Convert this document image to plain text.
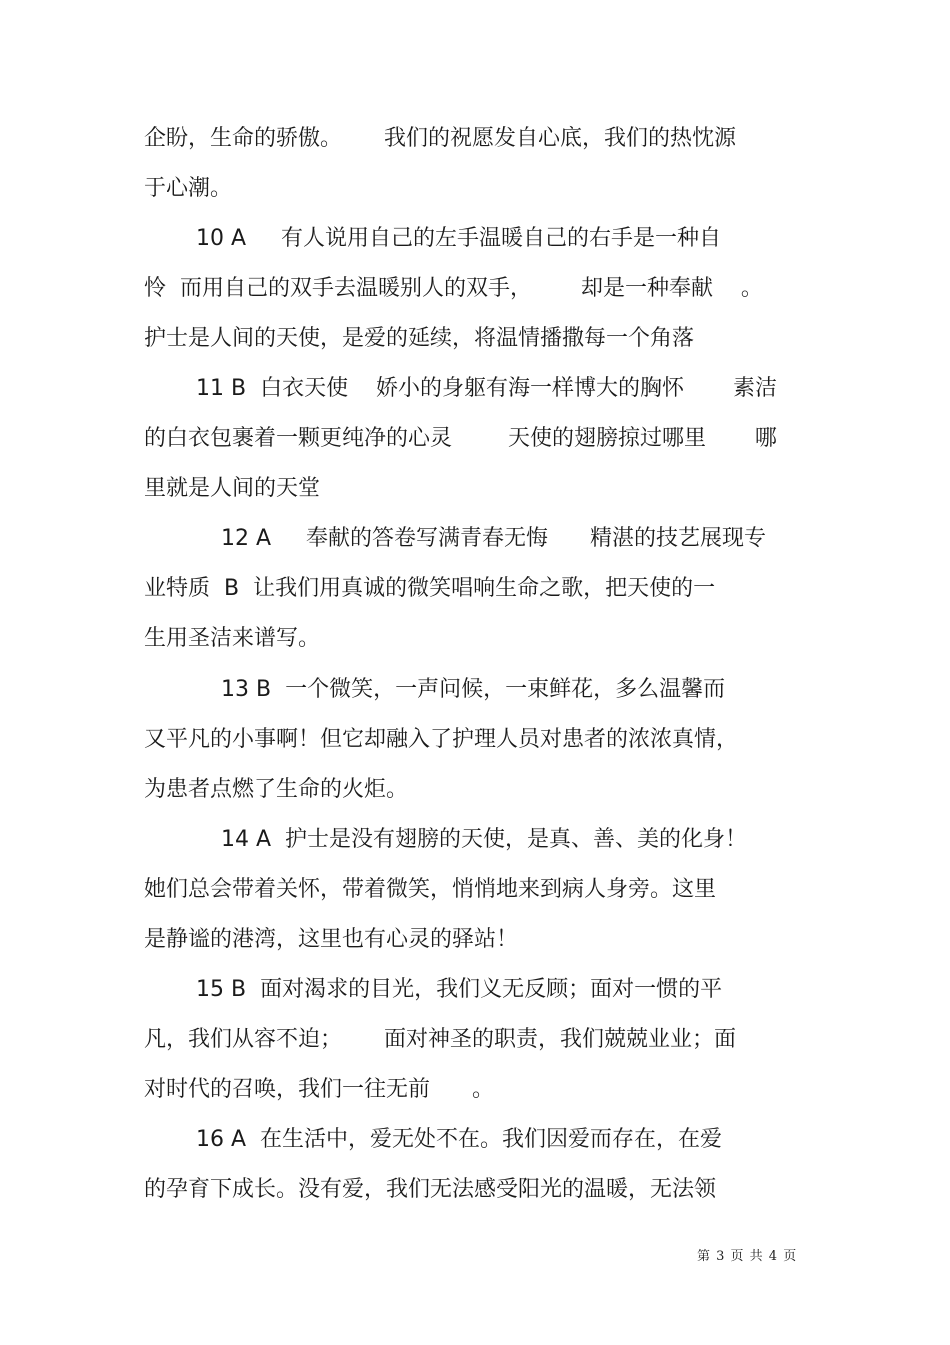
企盼，生命的骄傲。      我们的祝愿发自心底，我们的热忱源

于心潮。

10 A     有人说用自己的左手温暖自己的右手是一种自

怜  而用自己的双手去温暖别人的双手，       却是一种奉献    。

护士是人间的天使，是爱的延续，将温情播撒每一个角落

11 B  白衣天使    娇小的身躯有海一样博大的胸怀       素洁

的白衣包裹着一颗更纯净的心灵        天使的翅膀掠过哪里       哪

里就是人间的天堂

12 A     奉献的答卷写满青春无悔      精湛的技艺展现专

业特质  B  让我们用真诚的微笑唱响生命之歌，把天使的一

生用圣洁来谱写。

13 B  一个微笑，一声问候，一束鲜花，多么温馨而

又平凡的小事啊！但它却融入了护理人员对患者的浓浓真情，

为患者点燃了生命的火炬。

14 A  护士是没有翅膀的天使，是真、善、美的化身！

她们总会带着关怀，带着微笑，悄悄地来到病人身旁。这里

是静谧的港湾，这里也有心灵的驿站！

15 B  面对渴求的目光，我们义无反顾；面对一惯的平

凡，我们从容不迫；      面对神圣的职责，我们兢兢业业；面

对时代的召唤，我们一往无前      。

16 A  在生活中，爱无处不在。我们因爱而存在，在爱

的孕育下成长。没有爱，我们无法感受阳光的温暖，无法领

第 3 页 共 4 页
